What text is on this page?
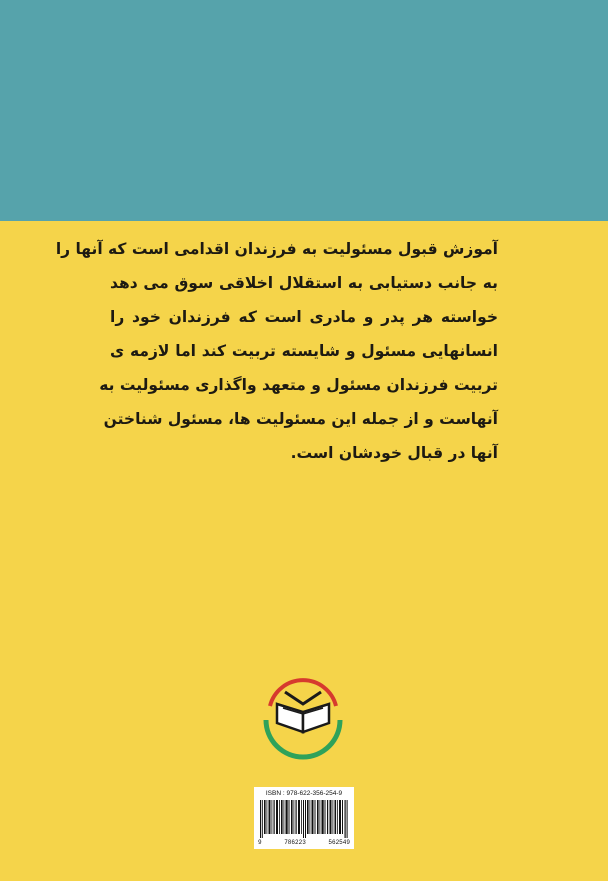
آموزش قبول مسئولیت به فرزندان اقدامی است که آنها را
به جانب دستیابی به استقلال اخلاقی سوق می دهد
خواسته هر پدر و مادری است که فرزندان خود را
انسانهایی مسئول و شایسته تربیت کند اما لازمه ی
تربیت فرزندان مسئول و متعهد واگذاری مسئولیت به
آنهاست و از جمله این مسئولیت ها، مسئول شناختن
آنها در قبال خودشان است.
ISBN : 978-622-356-254-9
9	786223	562549
